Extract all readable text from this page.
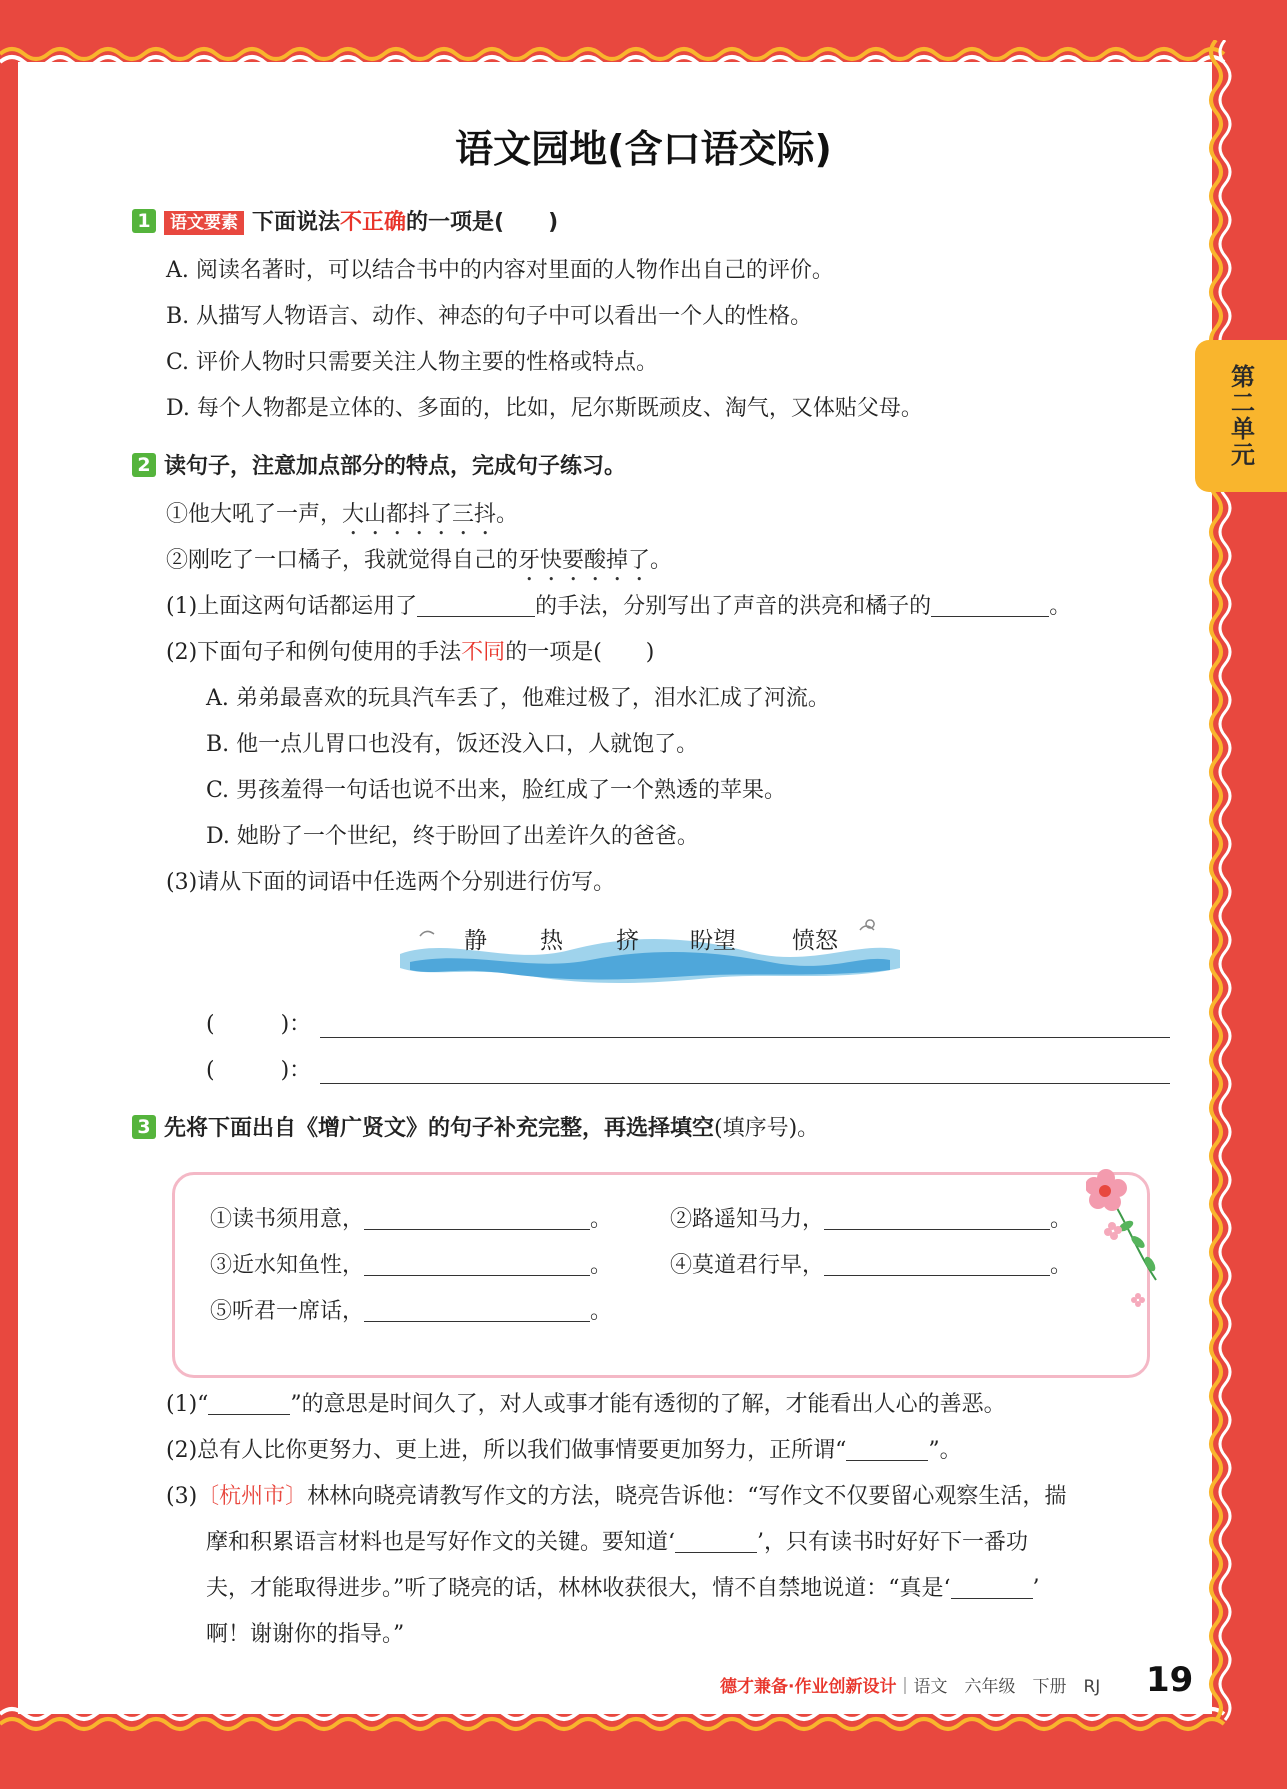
第二单元
语文园地(含口语交际)
1 语文要素 下面说法不正确的一项是(　　)
A. 阅读名著时，可以结合书中的内容对里面的人物作出自己的评价。
B. 从描写人物语言、动作、神态的句子中可以看出一个人的性格。
C. 评价人物时只需要关注人物主要的性格或特点。
D. 每个人物都是立体的、多面的，比如，尼尔斯既顽皮、淘气，又体贴父母。
2 读句子，注意加点部分的特点，完成句子练习。
①他大吼了一声，大山都抖了三抖。
②刚吃了一口橘子，我就觉得自己的牙快要酸掉了。
(1)上面这两句话都运用了	的手法，分别写出了声音的洪亮和橘子的	。
(2)下面句子和例句使用的手法不同的一项是(　　)
A. 弟弟最喜欢的玩具汽车丢了，他难过极了，泪水汇成了河流。
B. 他一点儿胃口也没有，饭还没入口，人就饱了。
C. 男孩羞得一句话也说不出来，脸红成了一个熟透的苹果。
D. 她盼了一个世纪，终于盼回了出差许久的爸爸。
(3)请从下面的词语中任选两个分别进行仿写。
静 热 挤 盼望 愤怒
(　　　)：
(　　　)：
3 先将下面出自《增广贤文》的句子补充完整，再选择填空(填序号)。
①读书须用意，	。	②路遥知马力，	。
③近水知鱼性，	。	④莫道君行早，	。
⑤听君一席话，	。
(1)“	”的意思是时间久了，对人或事才能有透彻的了解，才能看出人心的善恶。
(2)总有人比你更努力、更上进，所以我们做事情要更加努力，正所谓“	”。
(3)〔杭州市〕林林向晓亮请教写作文的方法，晓亮告诉他：“写作文不仅要留心观察生活，揣
摩和积累语言材料也是写好作文的关键。要知道‘	’，只有读书时好好下一番功
夫，才能取得进步。”听了晓亮的话，林林收获很大，情不自禁地说道：“真是‘	’
啊！谢谢你的指导。”
德才兼备·作业创新设计｜语文　六年级　下册　RJ 19
